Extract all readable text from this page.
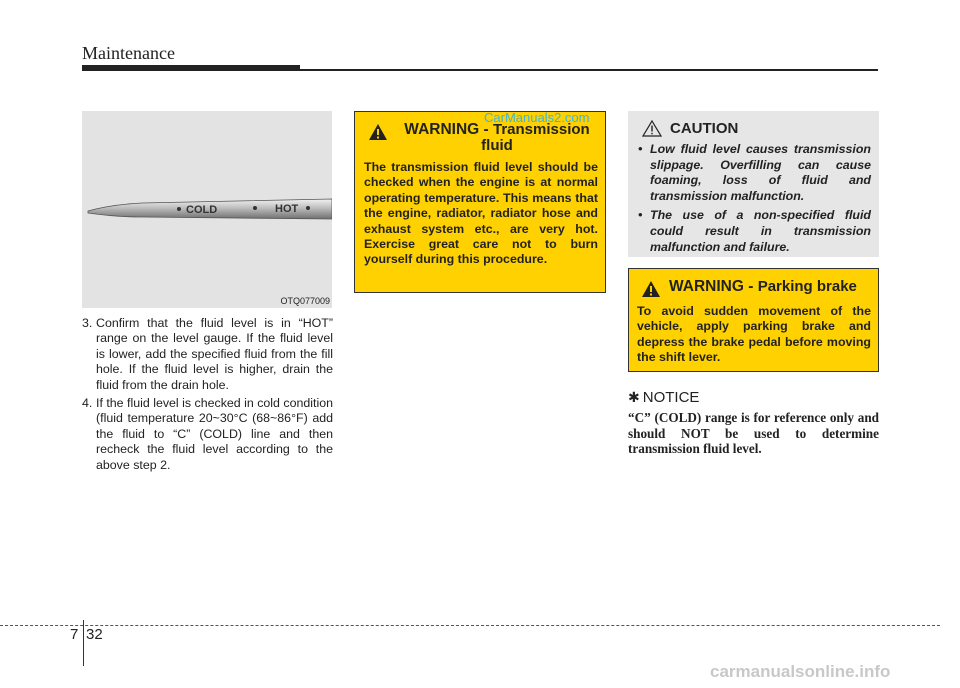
Maintenance
COLD	HOT
OTQ077009
3. Confirm that the fluid level is in “HOT” range on the level gauge. If the fluid level is lower, add the specified fluid from the fill hole. If the fluid level is higher, drain the fluid from the drain hole.
4. If the fluid level is checked in cold condition (fluid temperature 20~30°C (68~86°F) add the fluid to “C” (COLD) line and then recheck the fluid level according to the above step 2.
WARNING - Transmission fluid
The transmission fluid level should be checked when the engine is at normal operating temperature. This means that the engine, radiator, radiator hose and exhaust system etc., are very hot. Exercise great care not to burn yourself during this procedure.
CAUTION
• Low fluid level causes transmission slippage. Overfilling can cause foaming, loss of fluid and transmission malfunction.
• The use of a non-specified fluid could result in transmission malfunction and failure.
WARNING - Parking brake
To avoid sudden movement of the vehicle, apply parking brake and depress the brake pedal before moving the shift lever.
✱ NOTICE
“C” (COLD) range is for reference only and should NOT be used to determine transmission fluid level.
CarManuals2.com
7 32
carmanualsonline.info
